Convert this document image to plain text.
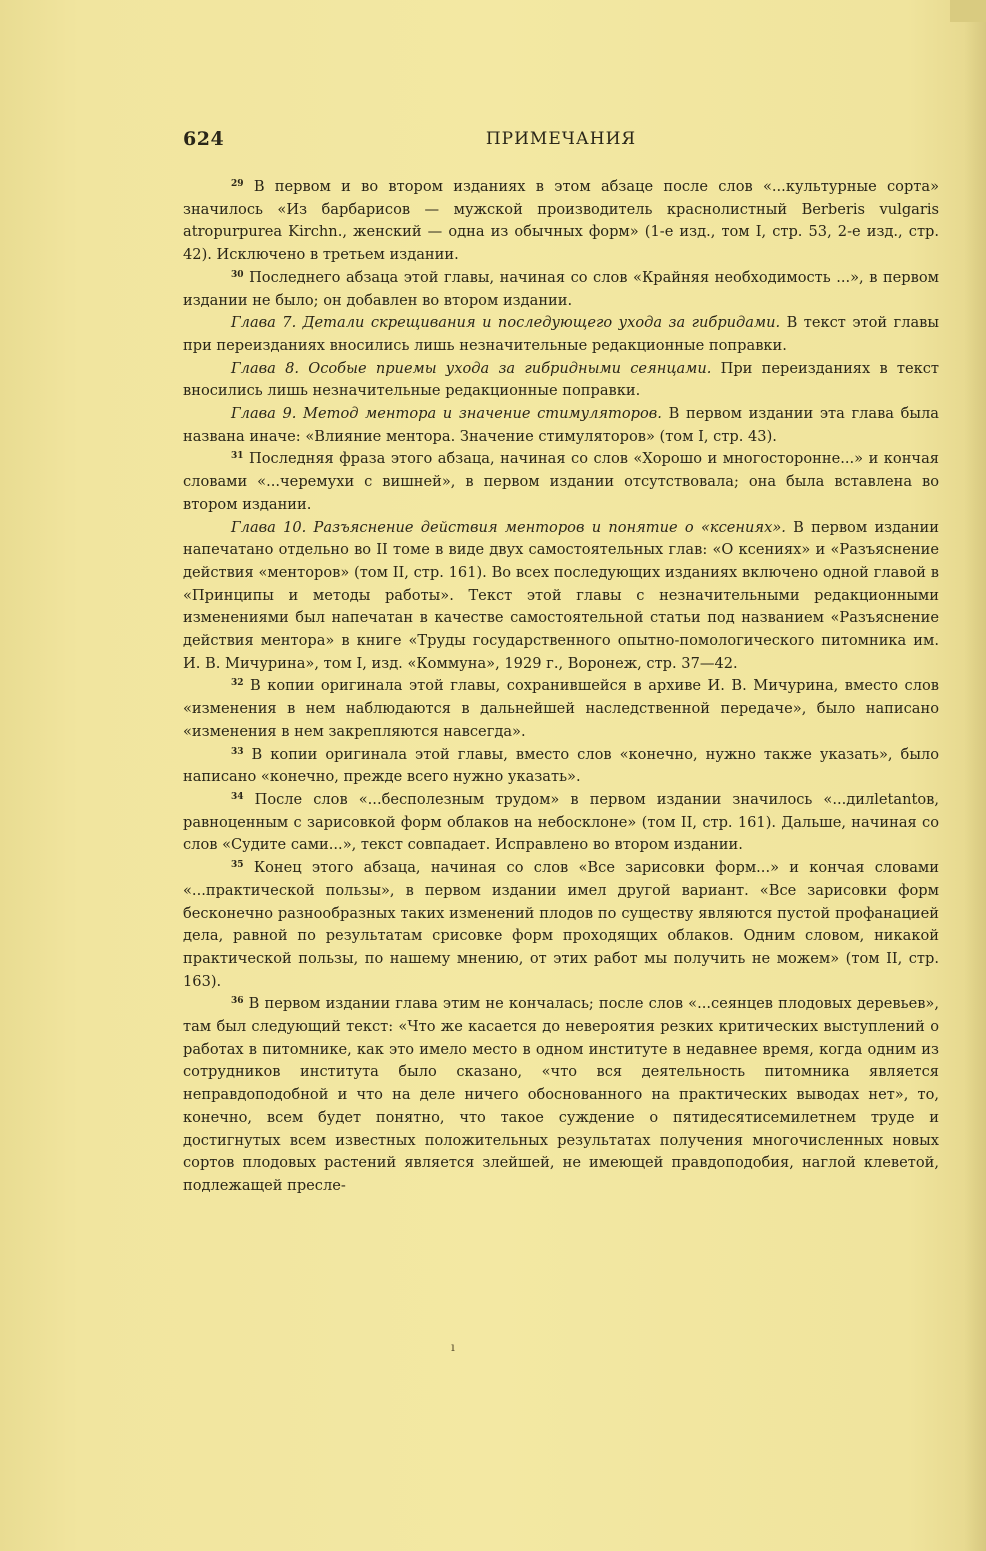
624	ПРИМЕЧАНИЯ

$^{29}$ В первом и во втором изданиях в этом абзаце после слов «...культурные сорта» значилось «Из барбарисов — мужской производитель краснолистный Berberis vulgaris atropurpurea Kirchn., женский — одна из обычных форм» (1-е изд., том I, стр. 53, 2-е изд., стр. 42). Исключено в третьем издании.

$^{30}$ Последнего абзаца этой главы, начиная со слов «Крайняя необходимость ...», в первом издании не было; он добавлен во втором издании.

Глава 7. Детали скрещивания и последующего ухода за гибридами. В текст этой главы при переизданиях вносились лишь незначительные редакционные поправки.

Глава 8. Особые приемы ухода за гибридными сеянцами. При переизданиях в текст вносились лишь незначительные редакционные поправки.

Глава 9. Метод ментора и значение стимуляторов. В первом издании эта глава была названа иначе: «Влияние ментора. Значение стимуляторов» (том I, стр. 43).

$^{31}$ Последняя фраза этого абзаца, начиная со слов «Хорошо и многосторонне...» и кончая словами «...черемухи с вишней», в первом издании отсутствовала; она была вставлена во втором издании.

Глава 10. Разъяснение действия менторов и понятие о «ксениях». В первом издании напечатано отдельно во II томе в виде двух самостоятельных глав: «О ксениях» и «Разъяснение действия «менторов» (том II, стр. 161). Во всех последующих изданиях включено одной главой в «Принципы и методы работы». Текст этой главы с незначительными редакционными изменениями был напечатан в качестве самостоятельной статьи под названием «Разъяснение действия ментора» в книге «Труды государственного опытно-помологического питомника им. И. В. Мичурина», том I, изд. «Коммуна», 1929 г., Воронеж, стр. 37—42.

$^{32}$ В копии оригинала этой главы, сохранившейся в архиве И. В. Мичурина, вместо слов «изменения в нем наблюдаются в дальнейшей наследственной передаче», было написано «изменения в нем закрепляются навсегда».

$^{33}$ В копии оригинала этой главы, вместо слов «конечно, нужно также указать», было написано «конечно, прежде всего нужно указать».

$^{34}$ После слов «...бесполезным трудом» в первом издании значилось «...дилletantов, равноценным с зарисовкой форм облаков на небосклоне» (том II, стр. 161). Дальше, начиная со слов «Судите сами...», текст совпадает. Исправлено во втором издании.

$^{35}$ Конец этого абзаца, начиная со слов «Все зарисовки форм...» и кончая словами «...практической пользы», в первом издании имел другой вариант. «Все зарисовки форм бесконечно разнообразных таких изменений плодов по существу являются пустой профанацией дела, равной по результатам срисовке форм проходящих облаков. Одним словом, никакой практической пользы, по нашему мнению, от этих работ мы получить не можем» (том II, стр. 163).

$^{36}$ В первом издании глава этим не кончалась; после слов «...сеянцев плодовых деревьев», там был следующий текст: «Что же касается до невероятия резких критических выступлений о работах в питомнике, как это имело место в одном институте в недавнее время, когда одним из сотрудников института было сказано, «что вся деятельность питомника является неправдоподобной и что на деле ничего обоснованного на практических выводах нет», то, конечно, всем будет понятно, что такое суждение о пятидесятисемилетнем труде и достигнутых всем известных положительных результатах получения многочисленных новых сортов плодовых растений является злейшей, не имеющей правдоподобия, наглой клеветой, подлежащей пресле-

ı
